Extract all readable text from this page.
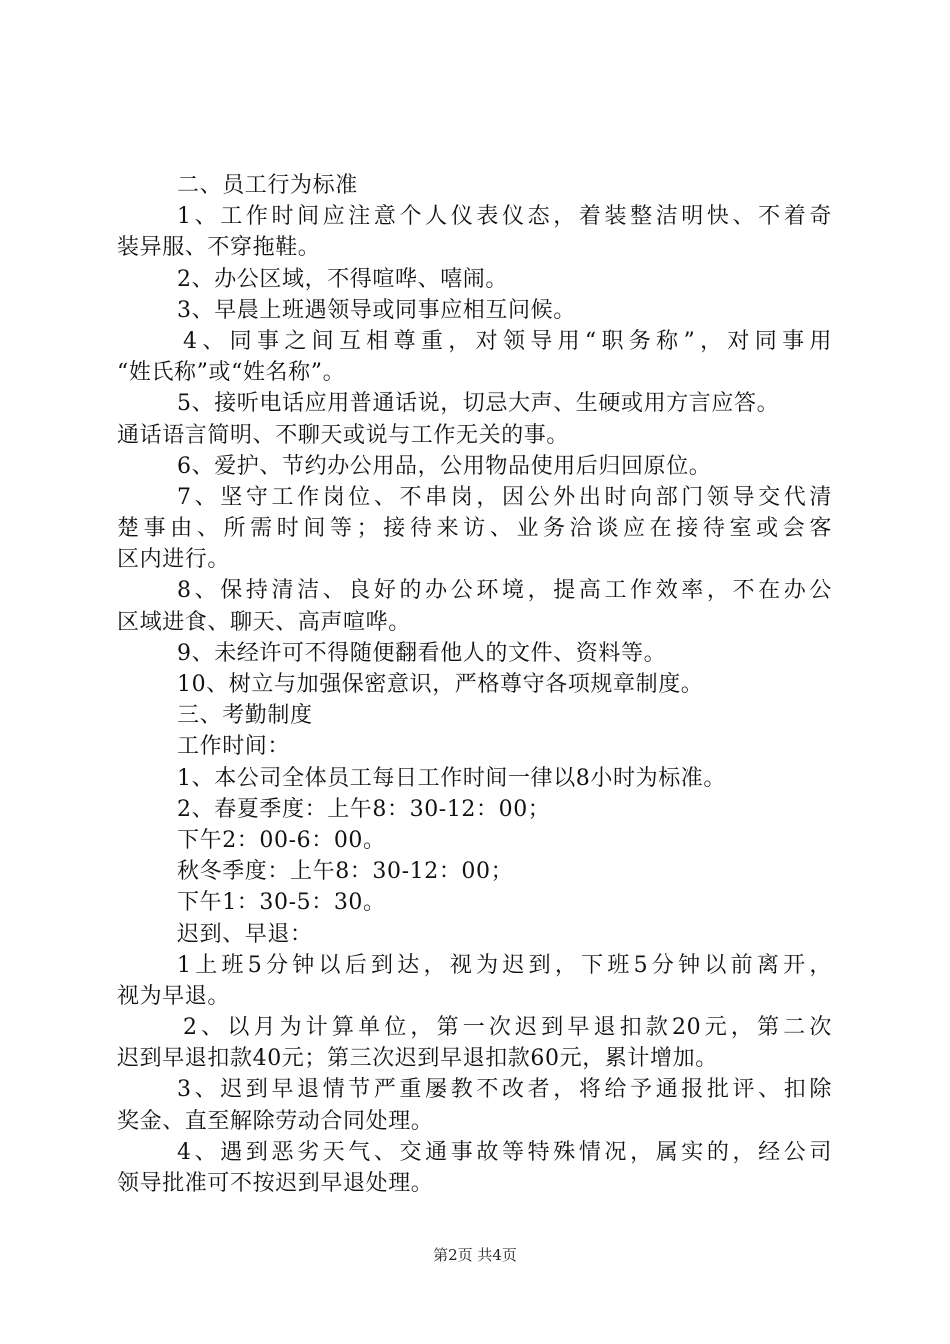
二、员工行为标准
1、工作时间应注意个人仪表仪态，着装整洁明快、不着奇
装异服、不穿拖鞋。
2、办公区域，不得喧哗、嘻闹。
3、早晨上班遇领导或同事应相互问候。
4、同事之间互相尊重，对领导用“职务称”，对同事用
“姓氏称”或“姓名称”。
5、接听电话应用普通话说，切忌大声、生硬或用方言应答。
通话语言简明、不聊天或说与工作无关的事。
6、爱护、节约办公用品，公用物品使用后归回原位。
7、坚守工作岗位、不串岗，因公外出时向部门领导交代清
楚事由、所需时间等；接待来访、业务洽谈应在接待室或会客
区内进行。
8、保持清洁、良好的办公环境，提高工作效率，不在办公
区域进食、聊天、高声喧哗。
9、未经许可不得随便翻看他人的文件、资料等。
10、树立与加强保密意识，严格尊守各项规章制度。
三、考勤制度
工作时间：
1、本公司全体员工每日工作时间一律以8小时为标准。
2、春夏季度：上午8：30-12：00；
下午2：00-6：00。
秋冬季度：上午8：30-12：00；
下午1：30-5：30。
迟到、早退：
1上班5分钟以后到达，视为迟到，下班5分钟以前离开，
视为早退。
2、以月为计算单位，第一次迟到早退扣款20元，第二次
迟到早退扣款40元；第三次迟到早退扣款60元，累计增加。
3、迟到早退情节严重屡教不改者，将给予通报批评、扣除
奖金、直至解除劳动合同处理。
4、遇到恶劣天气、交通事故等特殊情况，属实的，经公司
领导批准可不按迟到早退处理。
第2页 共4页
